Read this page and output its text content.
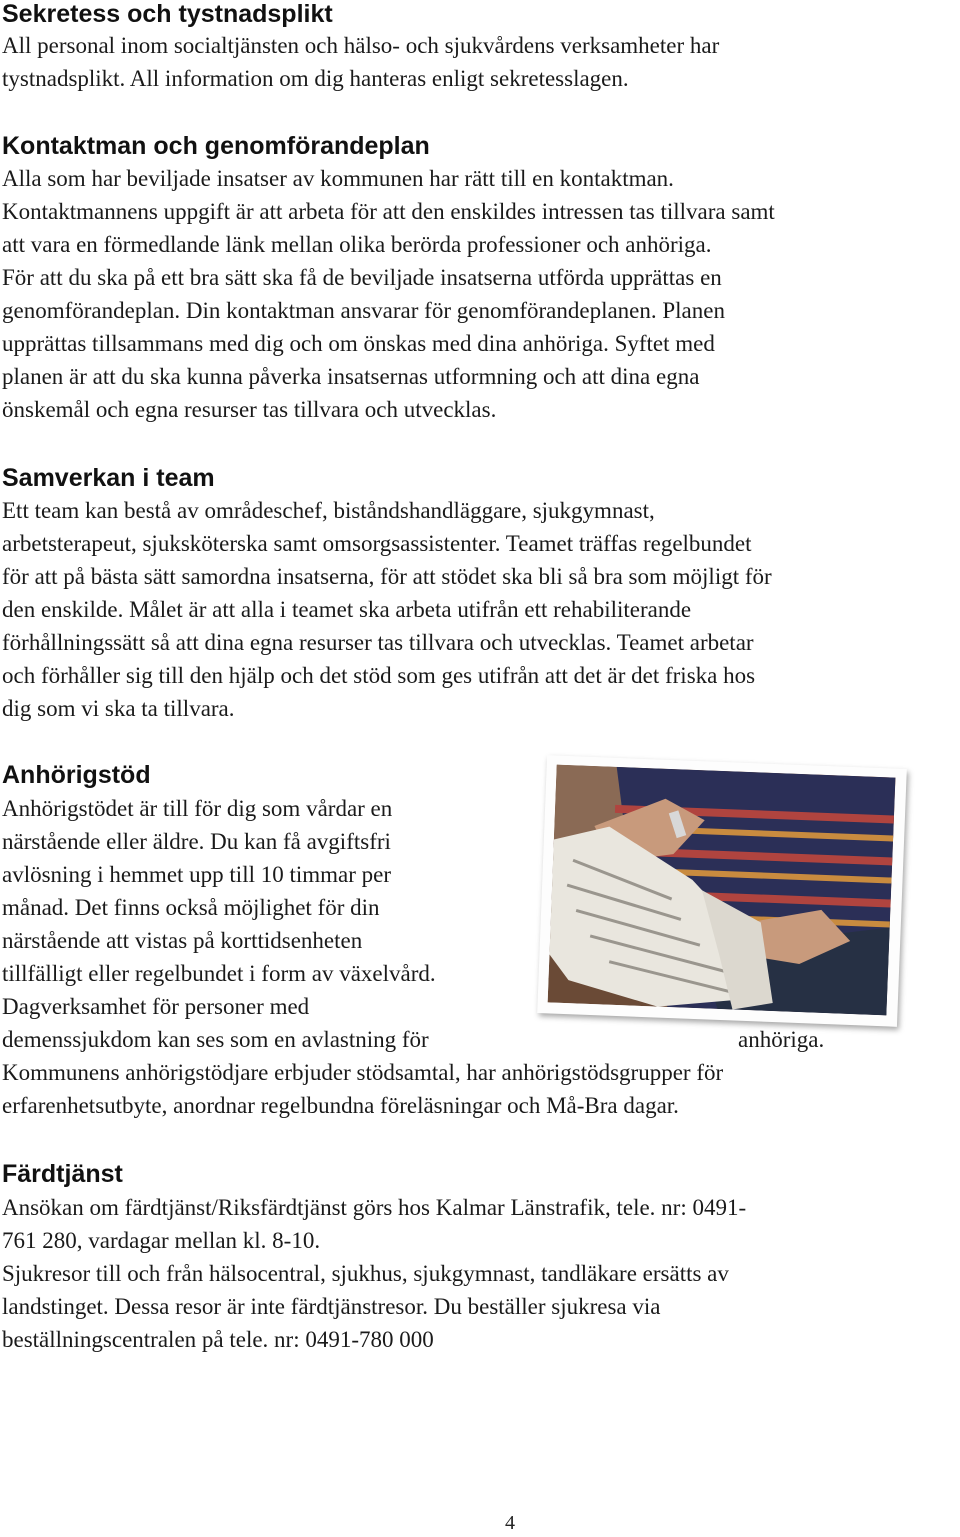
Sekretess och tystnadsplikt
All personal inom socialtjänsten och hälso- och sjukvårdens verksamheter har
tystnadsplikt. All information om dig hanteras enligt sekretesslagen.
Kontaktman och genomförandeplan
Alla som har beviljade insatser av kommunen har rätt till en kontaktman.
Kontaktmannens uppgift är att arbeta för att den enskildes intressen tas tillvara samt
att vara en förmedlande länk mellan olika berörda professioner och anhöriga.
För att du ska på ett bra sätt ska få de beviljade insatserna utförda upprättas en
genomförandeplan. Din kontaktman ansvarar för genomförandeplanen. Planen
upprättas tillsammans med dig och om önskas med dina anhöriga. Syftet med
planen är att du ska kunna påverka insatsernas utformning och att dina egna
önskemål och egna resurser tas tillvara och utvecklas.
Samverkan i team
Ett team kan bestå av områdeschef, biståndshandläggare, sjukgymnast,
arbetsterapeut, sjuksköterska samt omsorgsassistenter. Teamet träffas regelbundet
för att på bästa sätt samordna insatserna, för att stödet ska bli så bra som möjligt för
den enskilde. Målet är att alla i teamet ska arbeta utifrån ett rehabiliterande
förhållningssätt så att dina egna resurser tas tillvara och utvecklas. Teamet arbetar
och förhåller sig till den hjälp och det stöd som ges utifrån att det är det friska hos
dig som vi ska ta tillvara.
Anhörigstöd
Anhörigstödet är till för dig som vårdar en
närstående eller äldre. Du kan få avgiftsfri
avlösning i hemmet upp till 10 timmar per
månad. Det finns också möjlighet för din
närstående att vistas på korttidsenheten
tillfälligt eller regelbundet i form av växelvård.
Dagverksamhet för personer med
demenssjukdom kan ses som en avlastning för	anhöriga.
Kommunens anhörigstödjare erbjuder stödsamtal, har anhörigstödsgrupper för
erfarenhetsutbyte, anordnar regelbundna föreläsningar och Må-Bra dagar.
Färdtjänst
Ansökan om färdtjänst/Riksfärdtjänst görs hos Kalmar Länstrafik, tele. nr: 0491-
761 280, vardagar mellan kl. 8-10.
Sjukresor till och från hälsocentral, sjukhus, sjukgymnast, tandläkare ersätts av
landstinget. Dessa resor är inte färdtjänstresor. Du beställer sjukresa via
beställningscentralen på tele. nr: 0491-780 000

4
